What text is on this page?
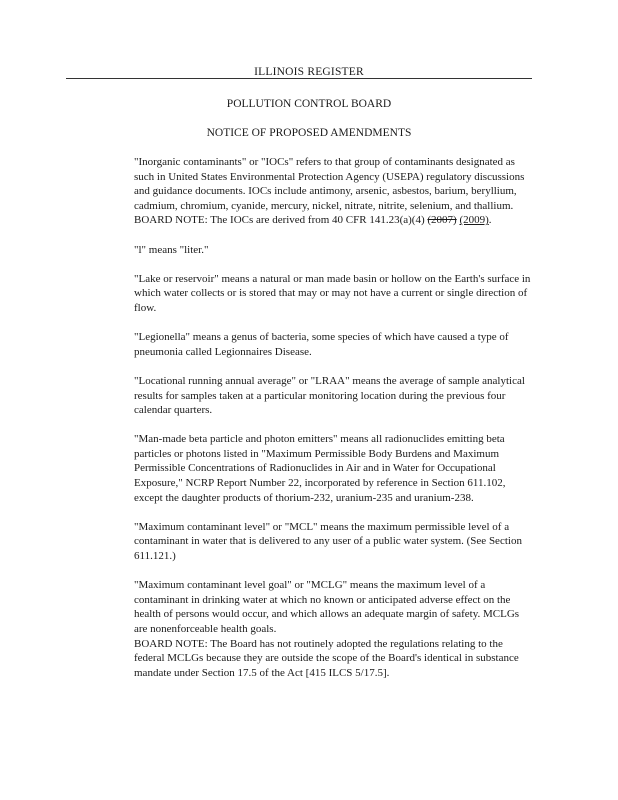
ILLINOIS REGISTER
POLLUTION CONTROL BOARD
NOTICE OF PROPOSED AMENDMENTS

"Inorganic contaminants" or "IOCs" refers to that group of contaminants designated as such in United States Environmental Protection Agency (USEPA) regulatory discussions and guidance documents. IOCs include antimony, arsenic, asbestos, barium, beryllium, cadmium, chromium, cyanide, mercury, nickel, nitrate, nitrite, selenium, and thallium.
BOARD NOTE: The IOCs are derived from 40 CFR 141.23(a)(4) (2007) (2009).

"l" means "liter."

"Lake or reservoir" means a natural or man made basin or hollow on the Earth's surface in which water collects or is stored that may or may not have a current or single direction of flow.

"Legionella" means a genus of bacteria, some species of which have caused a type of pneumonia called Legionnaires Disease.

"Locational running annual average" or "LRAA" means the average of sample analytical results for samples taken at a particular monitoring location during the previous four calendar quarters.

"Man-made beta particle and photon emitters" means all radionuclides emitting beta particles or photons listed in "Maximum Permissible Body Burdens and Maximum Permissible Concentrations of Radionuclides in Air and in Water for Occupational Exposure," NCRP Report Number 22, incorporated by reference in Section 611.102, except the daughter products of thorium-232, uranium-235 and uranium-238.

"Maximum contaminant level" or "MCL" means the maximum permissible level of a contaminant in water that is delivered to any user of a public water system. (See Section 611.121.)

"Maximum contaminant level goal" or "MCLG" means the maximum level of a contaminant in drinking water at which no known or anticipated adverse effect on the health of persons would occur, and which allows an adequate margin of safety. MCLGs are nonenforceable health goals.
BOARD NOTE: The Board has not routinely adopted the regulations relating to the federal MCLGs because they are outside the scope of the Board's identical in substance mandate under Section 17.5 of the Act [415 ILCS 5/17.5].
